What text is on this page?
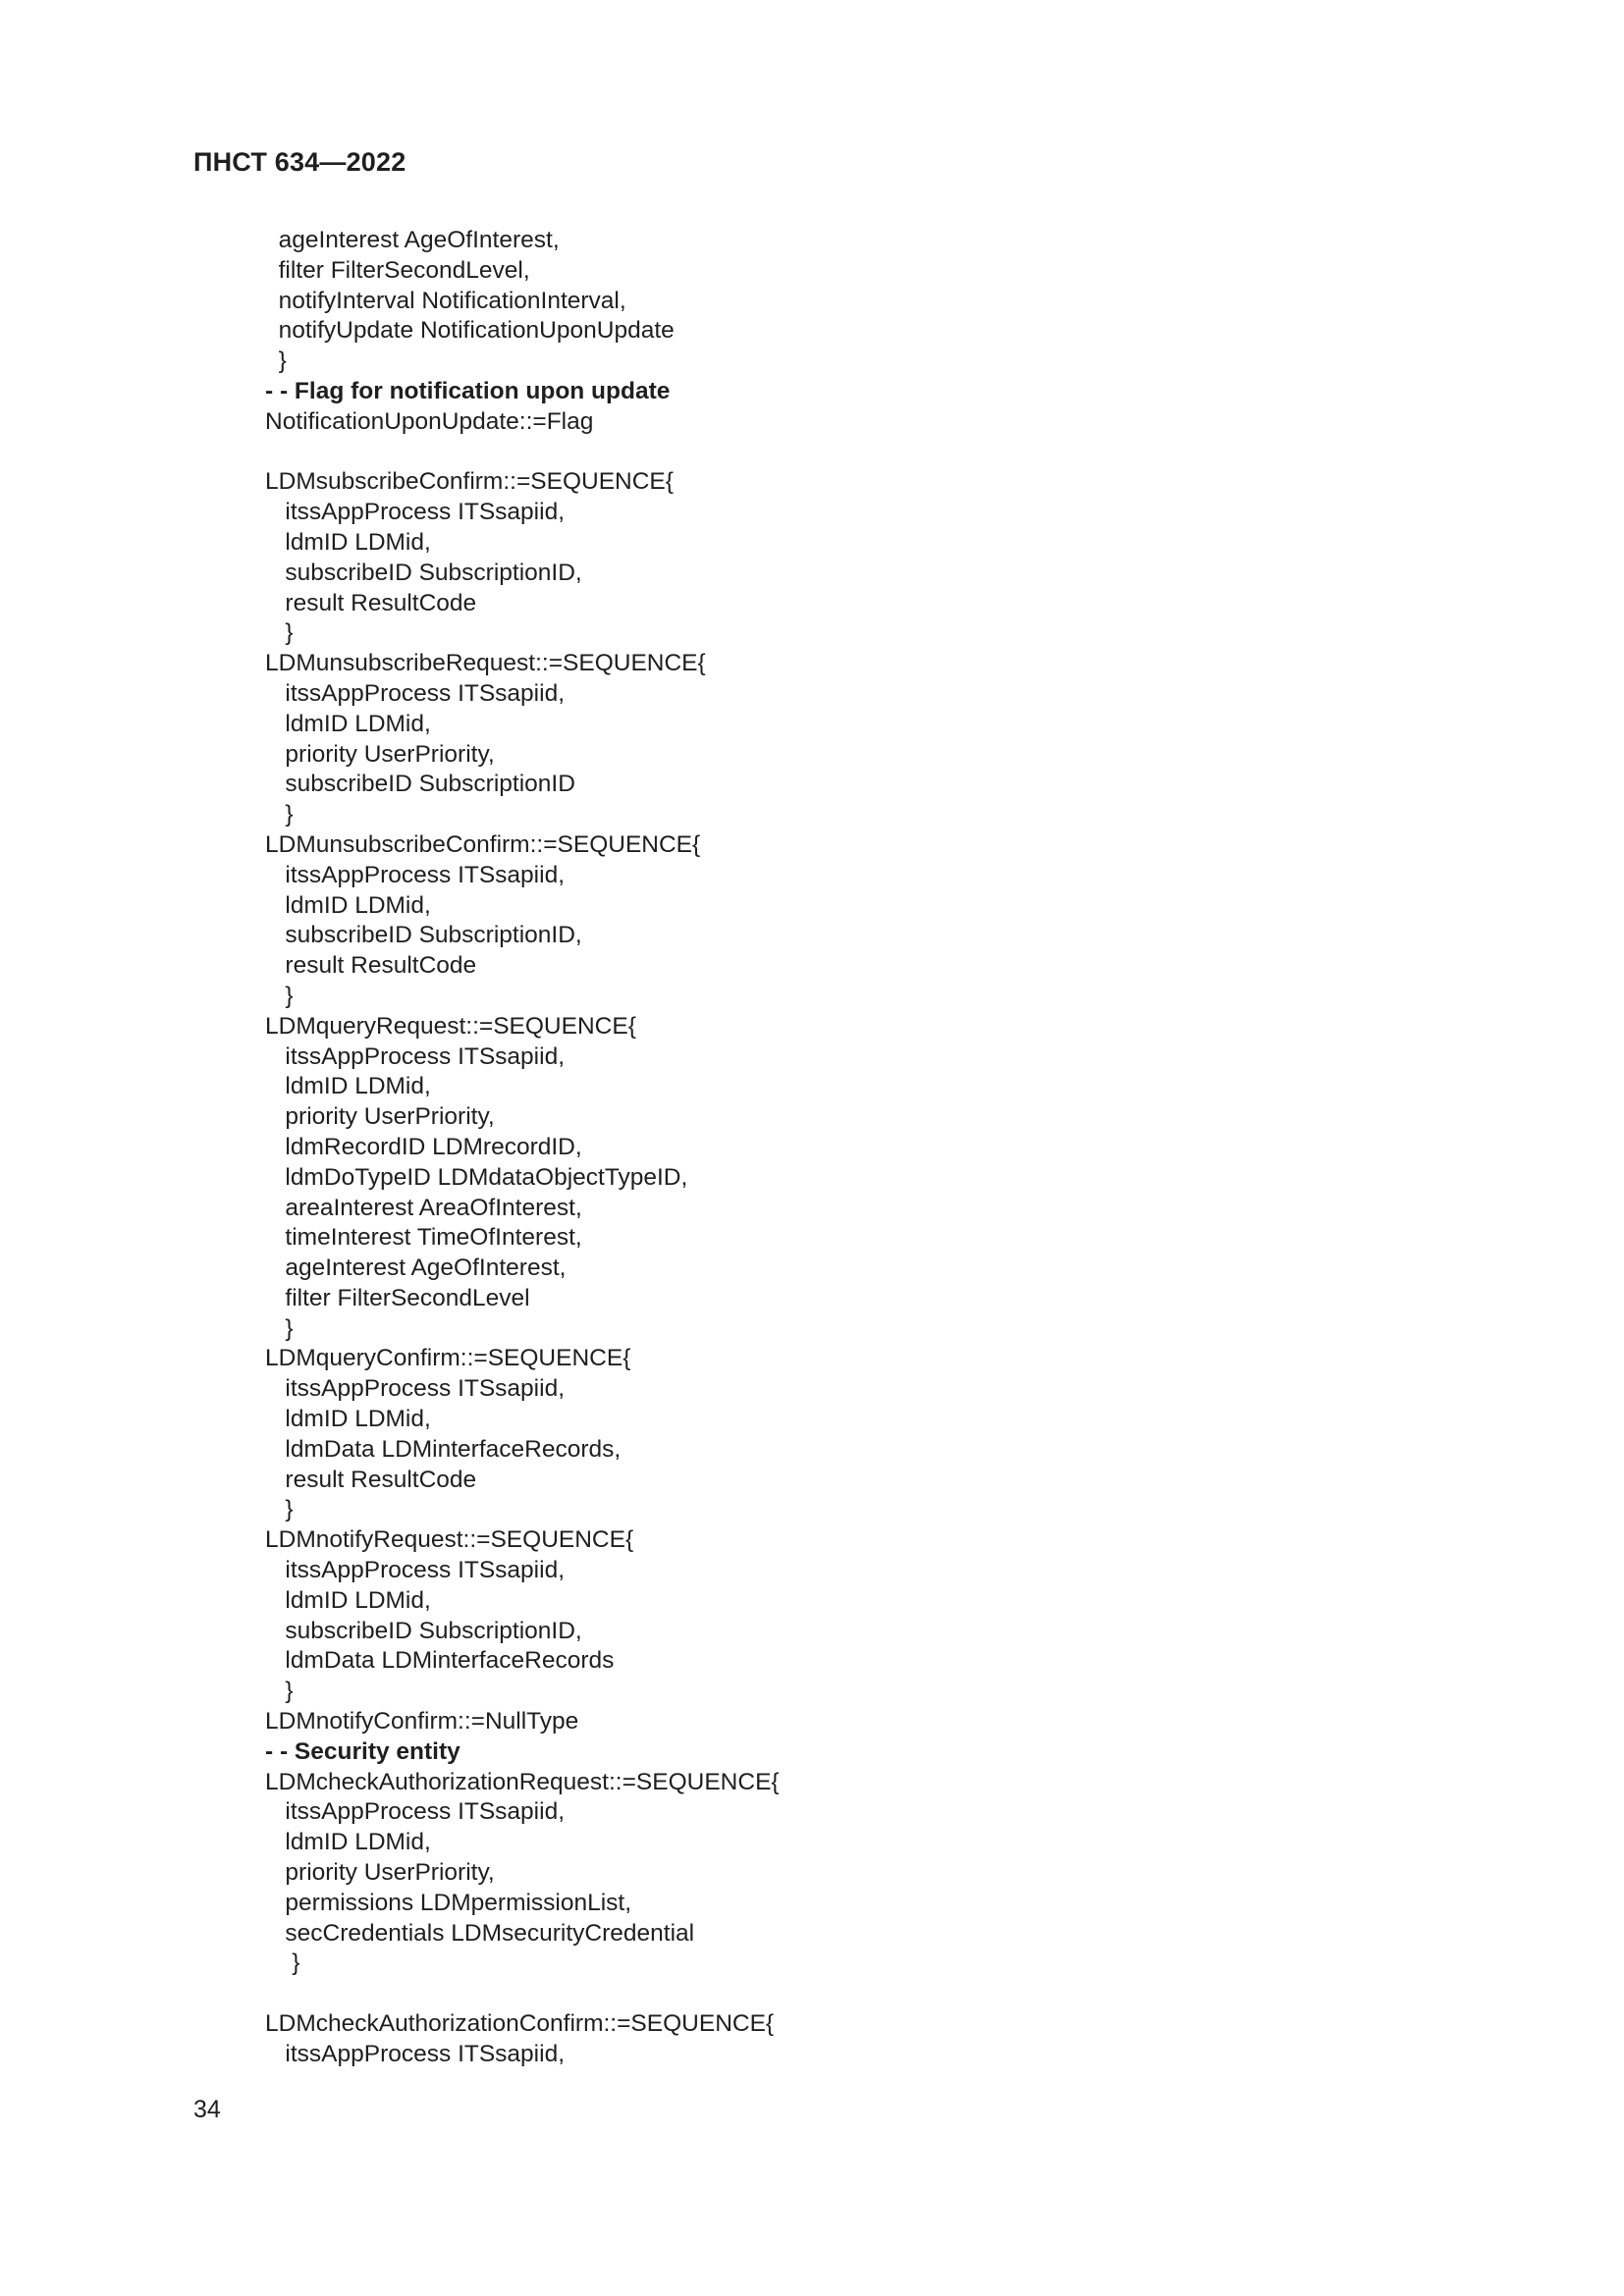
ПНСТ 634—2022
ageInterest AgeOfInterest,
filter FilterSecondLevel,
notifyInterval NotificationInterval,
notifyUpdate NotificationUponUpdate
}
- - Flag for notification upon update
NotificationUponUpdate::=Flag
LDMsubscribeConfirm::=SEQUENCE{
itssAppProcess ITSsapiid,
ldmID LDMid,
subscribeID SubscriptionID,
result ResultCode
}
LDMunsubscribeRequest::=SEQUENCE{
itssAppProcess ITSsapiid,
ldmID LDMid,
priority UserPriority,
subscribeID SubscriptionID
}
LDMunsubscribeConfirm::=SEQUENCE{
itssAppProcess ITSsapiid,
ldmID LDMid,
subscribeID SubscriptionID,
result ResultCode
}
LDMqueryRequest::=SEQUENCE{
itssAppProcess ITSsapiid,
ldmID LDMid,
priority UserPriority,
ldmRecordID LDMrecordID,
ldmDoTypeID LDMdataObjectTypeID,
areaInterest AreaOfInterest,
timeInterest TimeOfInterest,
ageInterest AgeOfInterest,
filter FilterSecondLevel
}
LDMqueryConfirm::=SEQUENCE{
itssAppProcess ITSsapiid,
ldmID LDMid,
ldmData LDMinterfaceRecords,
result ResultCode
}
LDMnotifyRequest::=SEQUENCE{
itssAppProcess ITSsapiid,
ldmID LDMid,
subscribeID SubscriptionID,
ldmData LDMinterfaceRecords
}
LDMnotifyConfirm::=NullType
- - Security entity
LDMcheckAuthorizationRequest::=SEQUENCE{
itssAppProcess ITSsapiid,
ldmID LDMid,
priority UserPriority,
permissions LDMpermissionList,
secCredentials LDMsecurityCredential
}
LDMcheckAuthorizationConfirm::=SEQUENCE{
itssAppProcess ITSsapiid,
34
